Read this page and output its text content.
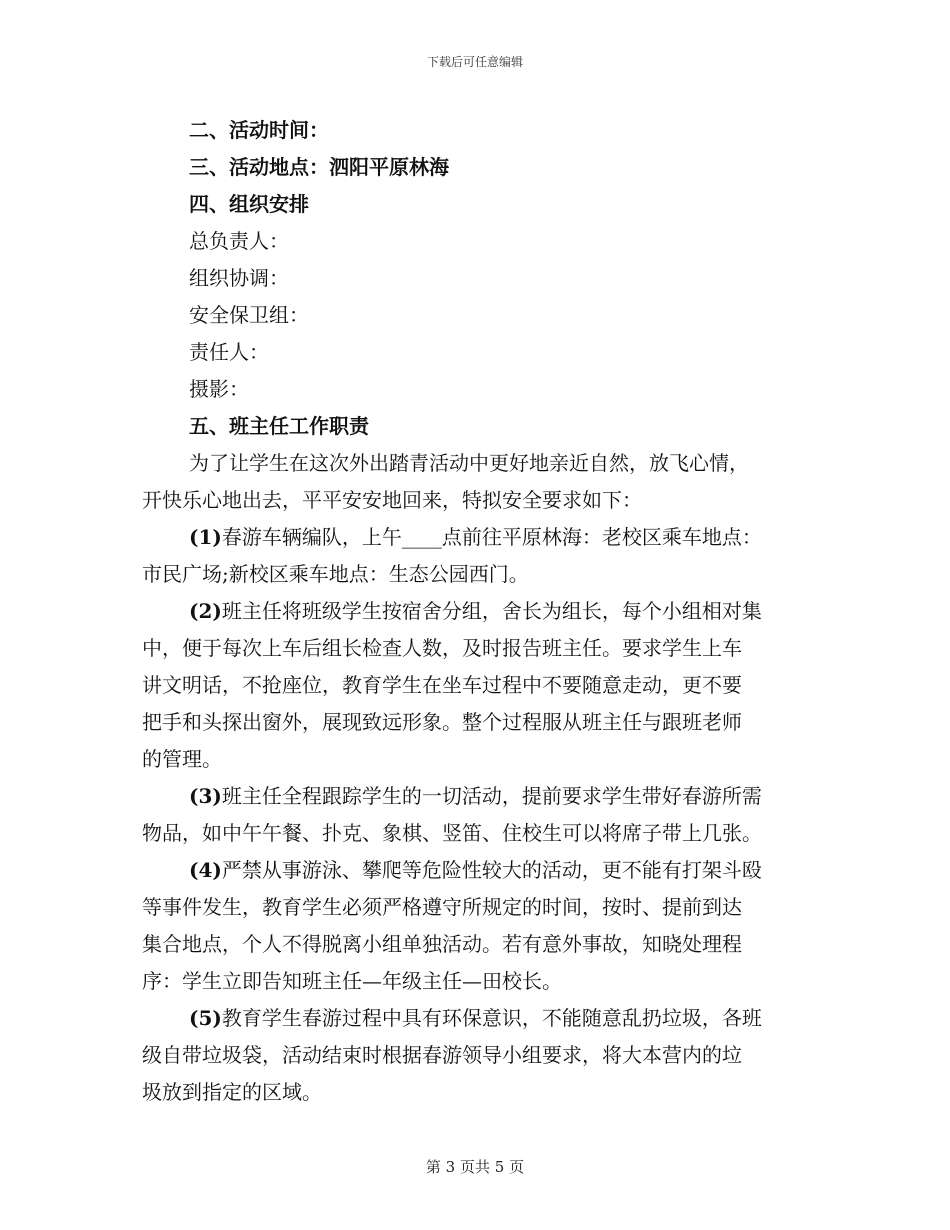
下载后可任意编辑
二、活动时间：
三、活动地点：泗阳平原林海
四、组织安排
总负责人：
组织协调：
安全保卫组：
责任人：
摄影：
五、班主任工作职责
为了让学生在这次外出踏青活动中更好地亲近自然，放飞心情，
开快乐心地出去，平平安安地回来，特拟安全要求如下：
(1)春游车辆编队，上午____点前往平原林海：老校区乘车地点：
市民广场;新校区乘车地点：生态公园西门。
(2)班主任将班级学生按宿舍分组，舍长为组长，每个小组相对集
中，便于每次上车后组长检查人数，及时报告班主任。要求学生上车
讲文明话，不抢座位，教育学生在坐车过程中不要随意走动，更不要
把手和头探出窗外，展现致远形象。整个过程服从班主任与跟班老师
的管理。
(3)班主任全程跟踪学生的一切活动，提前要求学生带好春游所需
物品，如中午午餐、扑克、象棋、竖笛、住校生可以将席子带上几张。
(4)严禁从事游泳、攀爬等危险性较大的活动，更不能有打架斗殴
等事件发生，教育学生必须严格遵守所规定的时间，按时、提前到达
集合地点，个人不得脱离小组单独活动。若有意外事故，知晓处理程
序：学生立即告知班主任—年级主任—田校长。
(5)教育学生春游过程中具有环保意识，不能随意乱扔垃圾，各班
级自带垃圾袋，活动结束时根据春游领导小组要求，将大本营内的垃
圾放到指定的区域。
第 3 页共 5 页
